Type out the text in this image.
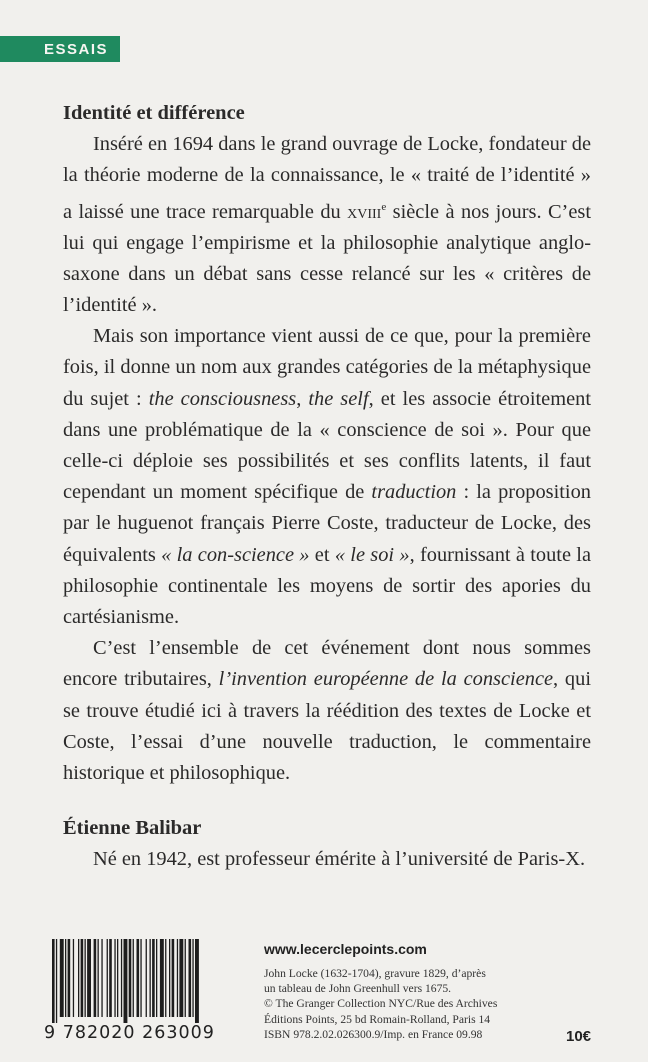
ESSAIS

Identité et différence

Inséré en 1694 dans le grand ouvrage de Locke, fondateur de la théorie moderne de la connaissance, le « traité de l’identité » a laissé une trace remarquable du xviii$^e$ siècle à nos jours. C’est lui qui engage l’empirisme et la philosophie analytique anglo-saxone dans un débat sans cesse relancé sur les « critères de l’identité ».

Mais son importance vient aussi de ce que, pour la première fois, il donne un nom aux grandes catégories de la métaphysique du sujet : the consciousness, the self, et les associe étroitement dans une problématique de la « conscience de soi ». Pour que celle-ci déploie ses possibilités et ses conflits latents, il faut cependant un moment spécifique de traduction : la proposition par le huguenot français Pierre Coste, traducteur de Locke, des équivalents « la con-science » et « le soi », fournissant à toute la philosophie continentale les moyens de sortir des apories du cartésianisme.

C’est l’ensemble de cet événement dont nous sommes encore tributaires, l’invention européenne de la conscience, qui se trouve étudié ici à travers la réédition des textes de Locke et Coste, l’essai d’une nouvelle traduction, le commentaire historique et philosophique.

Étienne Balibar

Né en 1942, est professeur émérite à l’université de Paris-X.

9 782020 263009
www.lecerclepoints.com
John Locke (1632-1704), gravure 1829, d’après
un tableau de John Greenhull vers 1675.
© The Granger Collection NYC/Rue des Archives
Éditions Points, 25 bd Romain-Rolland, Paris 14
ISBN 978.2.02.026300.9/Imp. en France 09.98	10€
